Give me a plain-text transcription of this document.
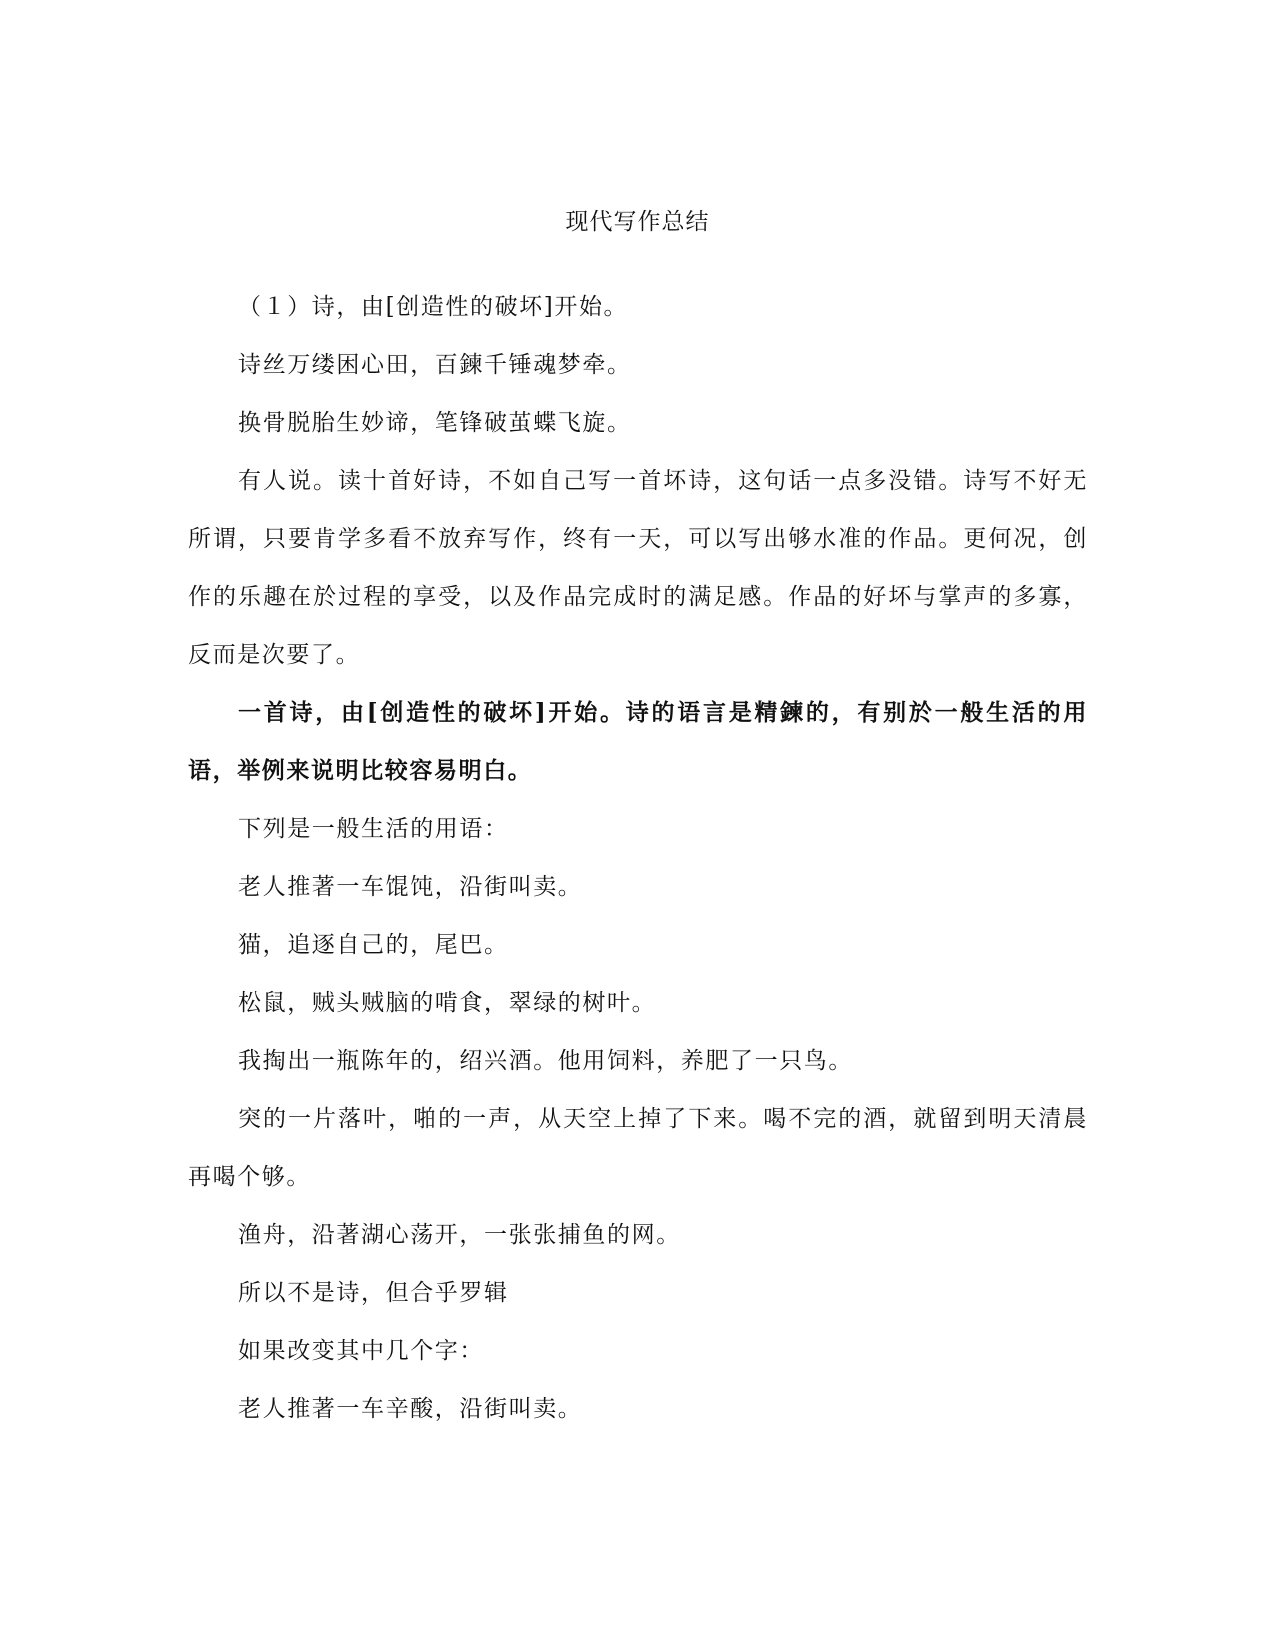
现代写作总结

（１）诗，由[创造性的破坏]开始。

诗丝万缕困心田，百鍊千锤魂梦牵。

换骨脱胎生妙谛，笔锋破茧蝶飞旋。

有人说。读十首好诗，不如自己写一首坏诗，这句话一点多没错。诗写不好无所谓，只要肯学多看不放弃写作，终有一天，可以写出够水准的作品。更何况，创作的乐趣在於过程的享受，以及作品完成时的满足感。作品的好坏与掌声的多寡，反而是次要了。

一首诗，由[创造性的破坏]开始。诗的语言是精鍊的，有别於一般生活的用语，举例来说明比较容易明白。

下列是一般生活的用语：

老人推著一车馄饨，沿街叫卖。

猫，追逐自己的，尾巴。

松鼠，贼头贼脑的啃食，翠绿的树叶。

我掏出一瓶陈年的，绍兴酒。他用饲料，养肥了一只鸟。

突的一片落叶，啪的一声，从天空上掉了下来。喝不完的酒，就留到明天清晨再喝个够。

渔舟，沿著湖心荡开，一张张捕鱼的网。

所以不是诗，但合乎罗辑

如果改变其中几个字：

老人推著一车辛酸，沿街叫卖。
